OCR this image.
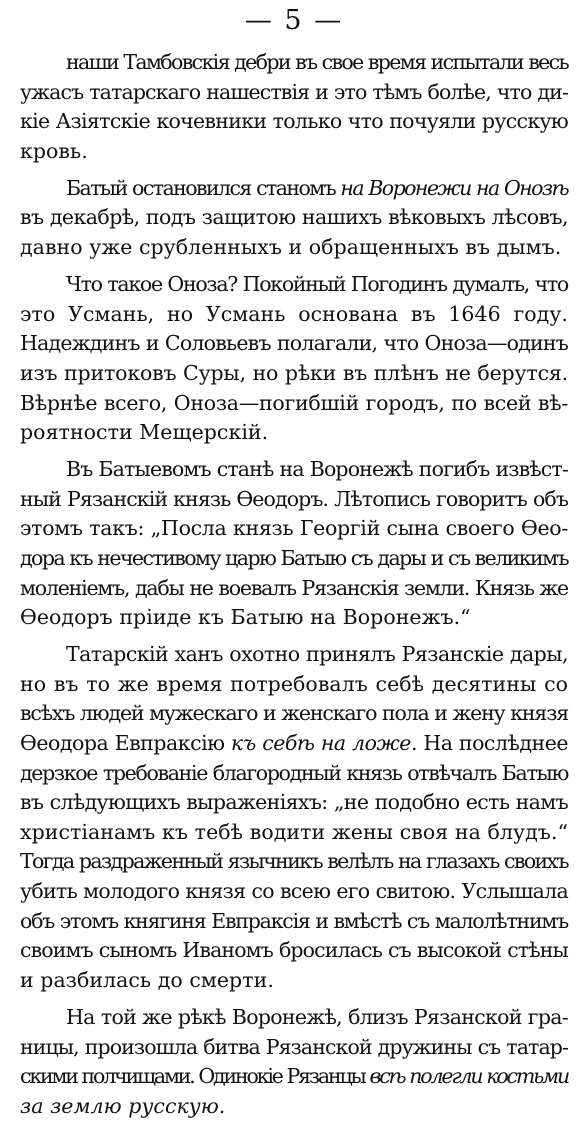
— 5 —
наши Тамбовскія дебри въ свое время испытали весь
ужасъ татарскаго нашествія и это тѣмъ болѣе, что ди-
кіе Азіятскіе кочевники только что почуяли русскую
кровь.
Батый остановился станомъ на Воронежи на Онозѣ
въ декабрѣ, подъ защитою нашихъ вѣковыхъ лѣсовъ,
давно уже срубленныхъ и обращенныхъ въ дымъ.
Что такое Оноза? Покойный Погодинъ думалъ, что
это Усмань, но Усмань основана въ 1646 году.
Надеждинъ и Соловьевъ полагали, что Оноза—одинъ
изъ притоковъ Суры, но рѣки въ плѣнъ не берутся.
Вѣрнѣе всего, Оноза—погибшій городъ, по всей вѣ-
роятности Мещерскій.
Въ Батыевомъ станѣ на Воронежѣ погибъ извѣст-
ный Рязанскій князь Ѳеодоръ. Лѣтопись говоритъ объ
этомъ такъ: „Посла князь Георгій сына своего Ѳео-
дора къ нечестивому царю Батыю съ дары и съ великимъ
моленіемъ, дабы не воевалъ Рязанскія земли. Князь же
Ѳеодоръ пріиде къ Батыю на Воронежъ.“
Татарскій ханъ охотно принялъ Рязанскіе дары,
но въ то же время потребовалъ себѣ десятины со
всѣхъ людей мужескаго и женскаго пола и жену князя
Ѳеодора Евпраксію къ себѣ на ложе. На послѣднее
дерзкое требованіе благородный князь отвѣчалъ Батыю
въ слѣдующихъ выраженіяхъ: „не подобно есть намъ
христіанамъ къ тебѣ водити жены своя на блудъ.“
Тогда раздраженный язычникъ велѣлъ на глазахъ своихъ
убить молодого князя со всею его свитою. Услышала
объ этомъ княгиня Евпраксія и вмѣстѣ съ малолѣтнимъ
своимъ сыномъ Иваномъ бросилась съ высокой стѣны
и разбилась до смерти.
На той же рѣкѣ Воронежѣ, близъ Рязанской гра-
ницы, произошла битва Рязанской дружины съ татар-
скими полчищами. Одинокіе Рязанцы всѣ полегли костьми
за землю русскую.
